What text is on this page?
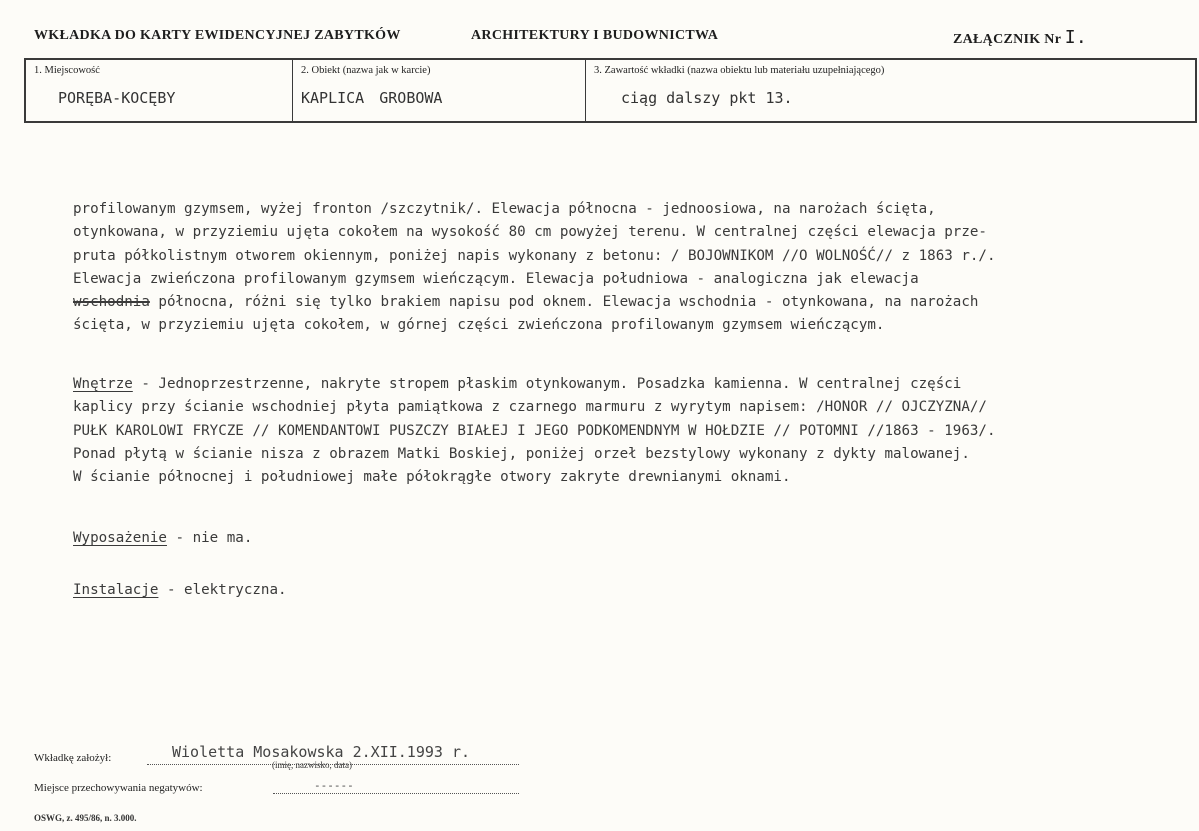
WKŁADKA DO KARTY EWIDENCYJNEJ ZABYTKÓW	ARCHITEKTURY I BUDOWNICTWA	ZAŁĄCZNIK Nr I.
1. Miejscowość
PORĘBA-KOCĘBY
2. Obiekt (nazwa jak w karcie)
KAPLICA GROBOWA
3. Zawartość wkładki (nazwa obiektu lub materiału uzupełniającego)
ciąg dalszy pkt 13.
profilowanym gzymsem, wyżej fronton /szczytnik/. Elewacja północna - jednoosiowa, na narożach ścięta,
otynkowana, w przyziemiu ujęta cokołem na wysokość 80 cm powyżej terenu. W centralnej części elewacja prze-
pruta półkolistnym otworem okiennym, poniżej napis wykonany z betonu: / BOJOWNIKOM //O WOLNOŚĆ// z 1863 r./.
Elewacja zwieńczona profilowanym gzymsem wieńczącym. Elewacja południowa - analogiczna jak elewacja
wschodnia północna, różni się tylko brakiem napisu pod oknem. Elewacja wschodnia - otynkowana, na narożach
ścięta, w przyziemiu ujęta cokołem, w górnej części zwieńczona profilowanym gzymsem wieńczącym.
Wnętrze - Jednoprzestrzenne, nakryte stropem płaskim otynkowanym. Posadzka kamienna. W centralnej części
kaplicy przy ścianie wschodniej płyta pamiątkowa z czarnego marmuru z wyrytym napisem: /HONOR // OJCZYZNA//
PUŁK KAROLOWI FRYCZE // KOMENDANTOWI PUSZCZY BIAŁEJ I JEGO PODKOMENDNYM W HOŁDZIE // POTOMNI //1863 - 1963/.
Ponad płytą w ścianie nisza z obrazem Matki Boskiej, poniżej orzeł bezstylowy wykonany z dykty malowanej.
W ścianie północnej i południowej małe półokrągłe otwory zakryte drewnianymi oknami.
Wyposażenie - nie ma.
Instalacje - elektryczna.
Wkładkę założył:	Wioletta Mosakowska 2.XII.1993 r.
(imię, nazwisko, data)
Miejsce przechowywania negatywów:	------
OSWG, z. 495/86, n. 3.000.
